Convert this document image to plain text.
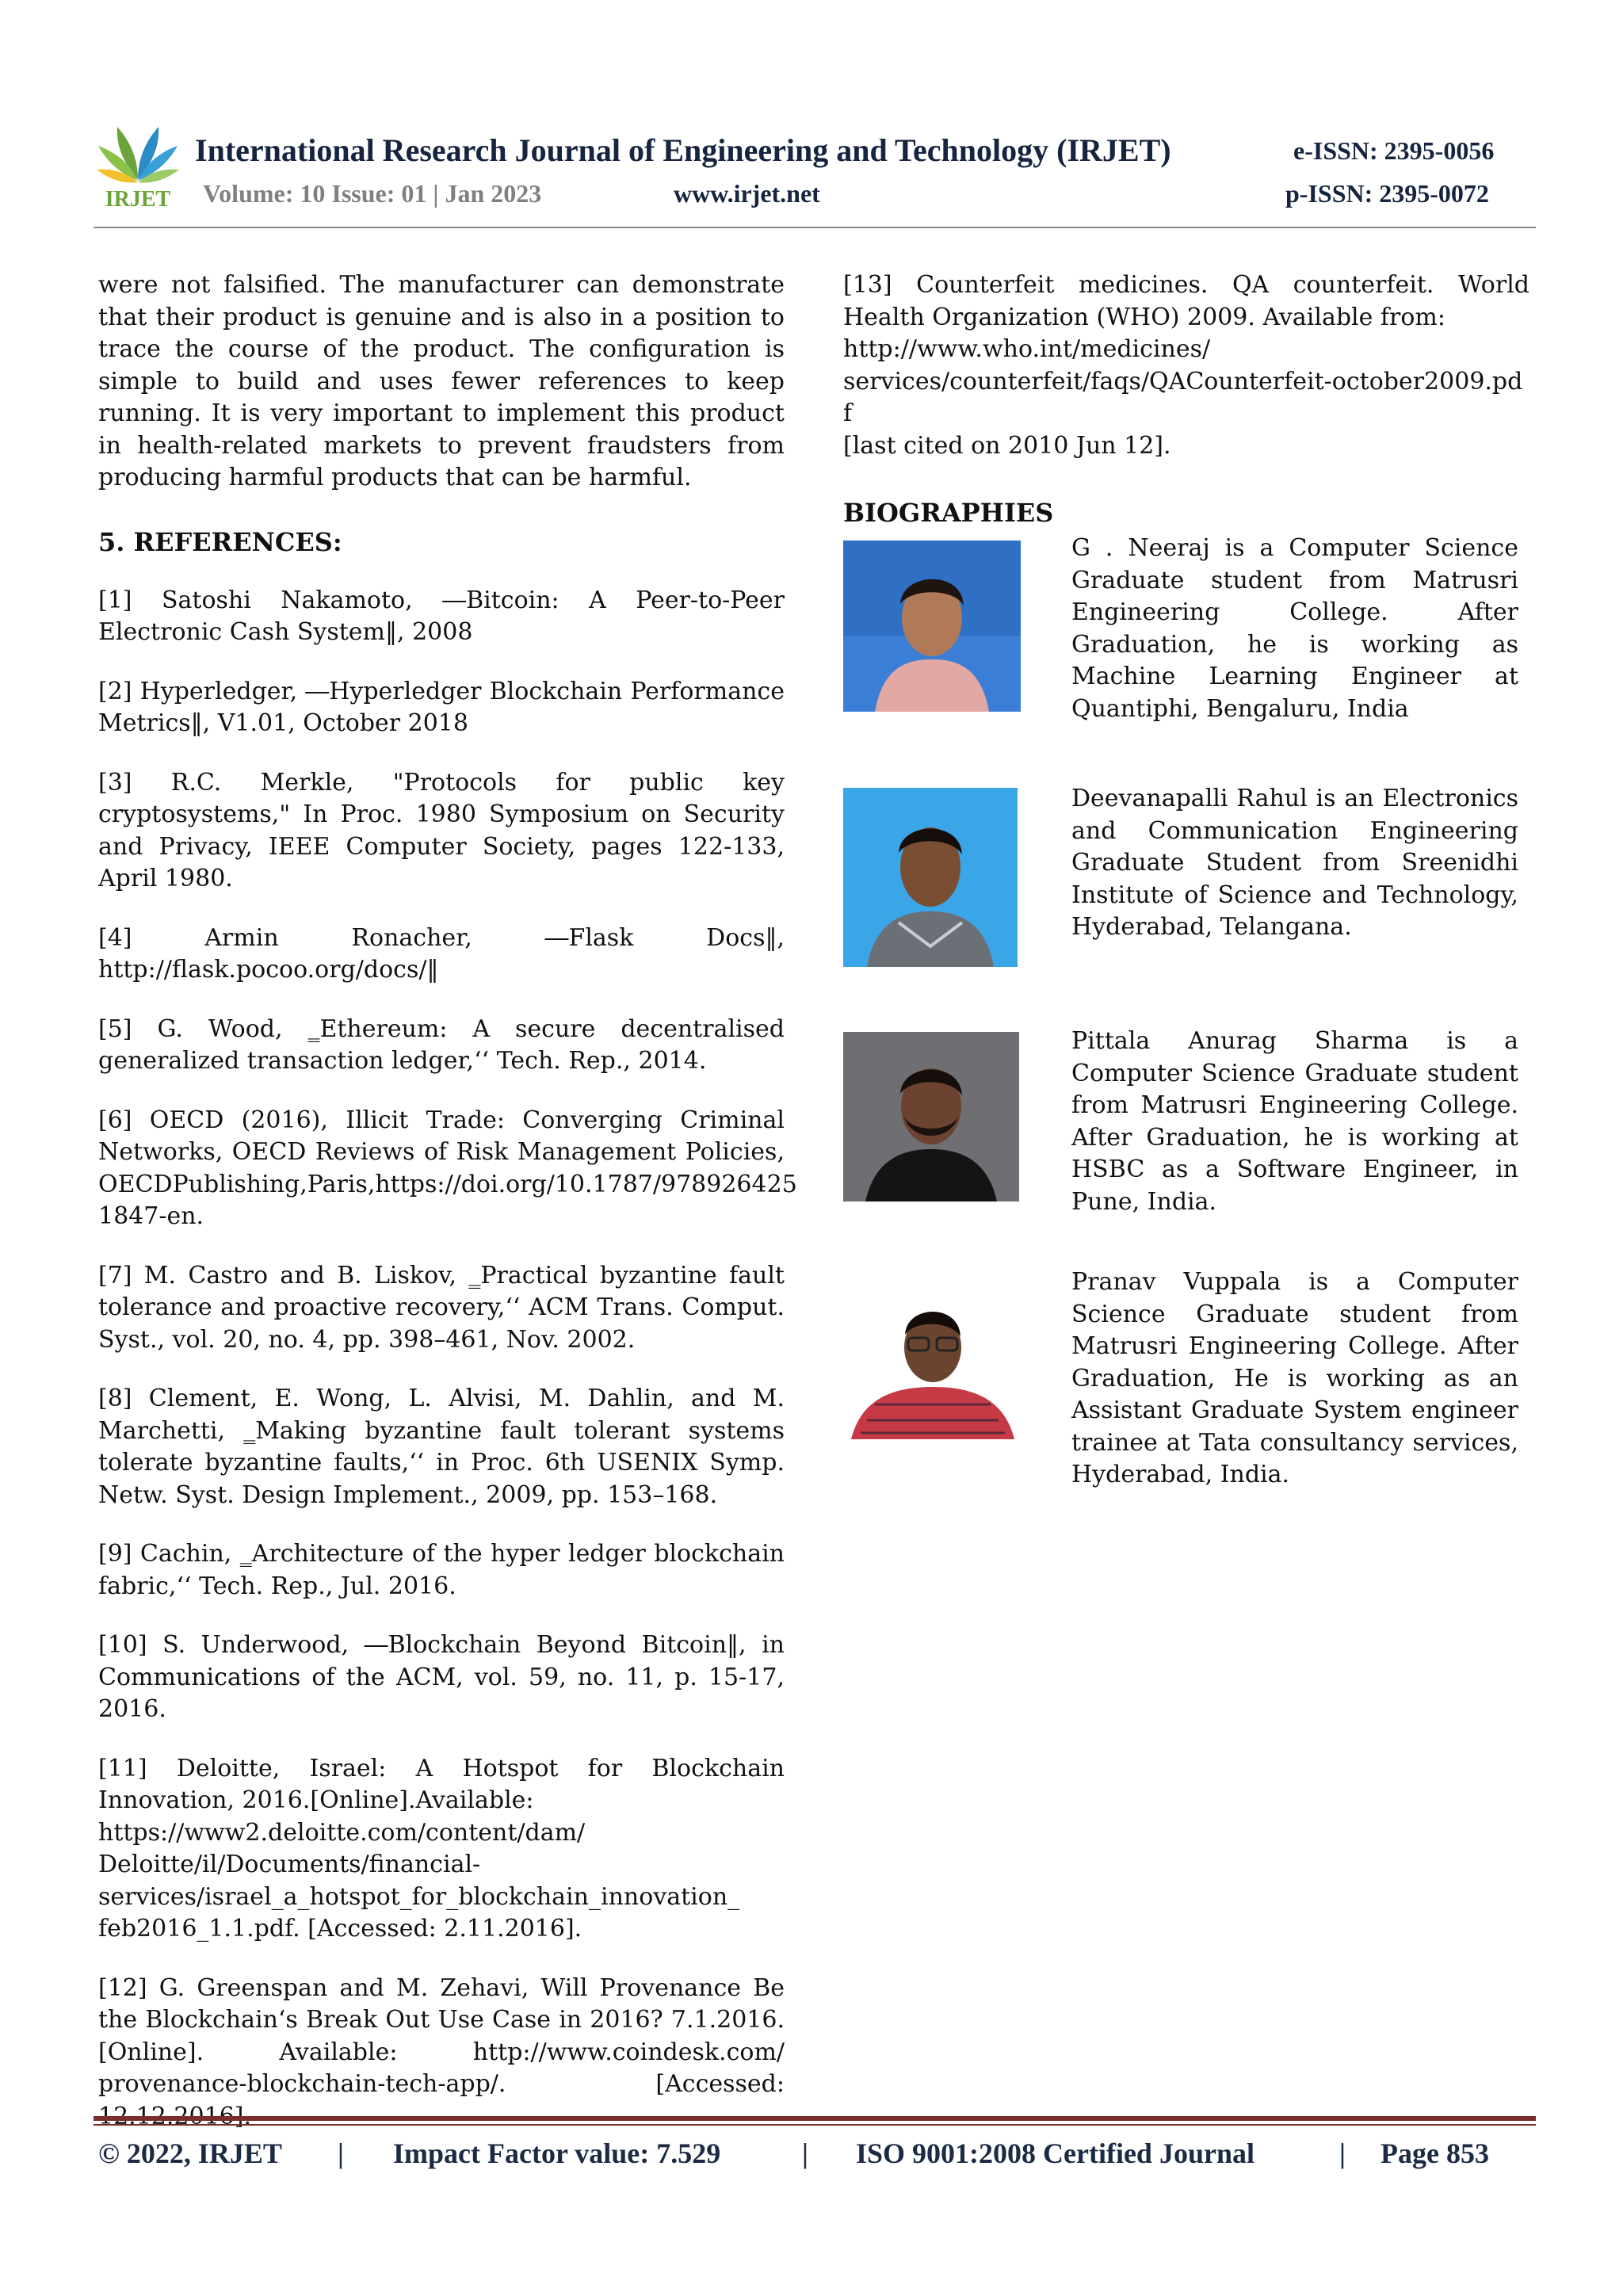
IRJET
International Research Journal of Engineering and Technology (IRJET)	e-ISSN: 2395-0056
Volume: 10 Issue: 01 | Jan 2023	www.irjet.net	p-ISSN: 2395-0072

were not falsified. The manufacturer can demonstrate that their product is genuine and is also in a position to trace the course of the product. The configuration is simple to build and uses fewer references to keep running. It is very important to implement this product in health-related markets to prevent fraudsters from producing harmful products that can be harmful.

5. REFERENCES:

[1] Satoshi Nakamoto, ―Bitcoin: A Peer-to-Peer Electronic Cash System‖, 2008

[2] Hyperledger, ―Hyperledger Blockchain Performance Metrics‖, V1.01, October 2018

[3] R.C. Merkle, "Protocols for public key cryptosystems," In Proc. 1980 Symposium on Security and Privacy, IEEE Computer Society, pages 122-133, April 1980.

[4] Armin Ronacher, ―Flask Docs‖, http://flask.pocoo.org/docs/‖

[5] G. Wood, ‗Ethereum: A secure decentralised generalized transaction ledger,‘‘ Tech. Rep., 2014.

[6] OECD (2016), Illicit Trade: Converging Criminal Networks, OECD Reviews of Risk Management Policies, OECDPublishing,Paris,https://doi.org/10.1787/978926425 1847-en.

[7] M. Castro and B. Liskov, ‗Practical byzantine fault tolerance and proactive recovery,‘‘ ACM Trans. Comput. Syst., vol. 20, no. 4, pp. 398–461, Nov. 2002.

[8] Clement, E. Wong, L. Alvisi, M. Dahlin, and M. Marchetti, ‗Making byzantine fault tolerant systems tolerate byzantine faults,‘‘ in Proc. 6th USENIX Symp. Netw. Syst. Design Implement., 2009, pp. 153–168.

[9] Cachin, ‗Architecture of the hyper ledger blockchain fabric,‘‘ Tech. Rep., Jul. 2016.

[10] S. Underwood, ―Blockchain Beyond Bitcoin‖, in Communications of the ACM, vol. 59, no. 11, p. 15-17, 2016.

[11] Deloitte, Israel: A Hotspot for Blockchain Innovation, 2016.[Online].Available:

https://www2.deloitte.com/content/dam/

Deloitte/il/Documents/financial-

services/israel_a_hotspot_for_blockchain_innovation_

feb2016_1.1.pdf. [Accessed: 2.11.2016].

[12] G. Greenspan and M. Zehavi, Will Provenance Be the Blockchain‘s Break Out Use Case in 2016? 7.1.2016. [Online]. Available: http://www.coindesk.com/ provenance-blockchain-tech-app/. [Accessed:

[13] Counterfeit medicines. QA counterfeit. World Health Organization (WHO) 2009. Available from:

http://www.who.int/medicines/

services/counterfeit/faqs/QACounterfeit-october2009.pdf

[last cited on 2010 Jun 12].

BIOGRAPHIES
G . Neeraj is a Computer Science Graduate student from Matrusri Engineering College. After Graduation, he is working as Machine Learning Engineer at Quantiphi, Bengaluru, India
Deevanapalli Rahul is an Electronics and Communication Engineering Graduate Student from Sreenidhi Institute of Science and Technology, Hyderabad, Telangana.
Pittala Anurag Sharma is a Computer Science Graduate student from Matrusri Engineering College. After Graduation, he is working at HSBC as a Software Engineer, in Pune, India.
Pranav Vuppala is a Computer Science Graduate student from Matrusri Engineering College. After Graduation, He is working as an Assistant Graduate System engineer trainee at Tata consultancy services, Hyderabad, India.
© 2022, IRJET | Impact Factor value: 7.529	| ISO 9001:2008 Certified Journal	| Page 853
